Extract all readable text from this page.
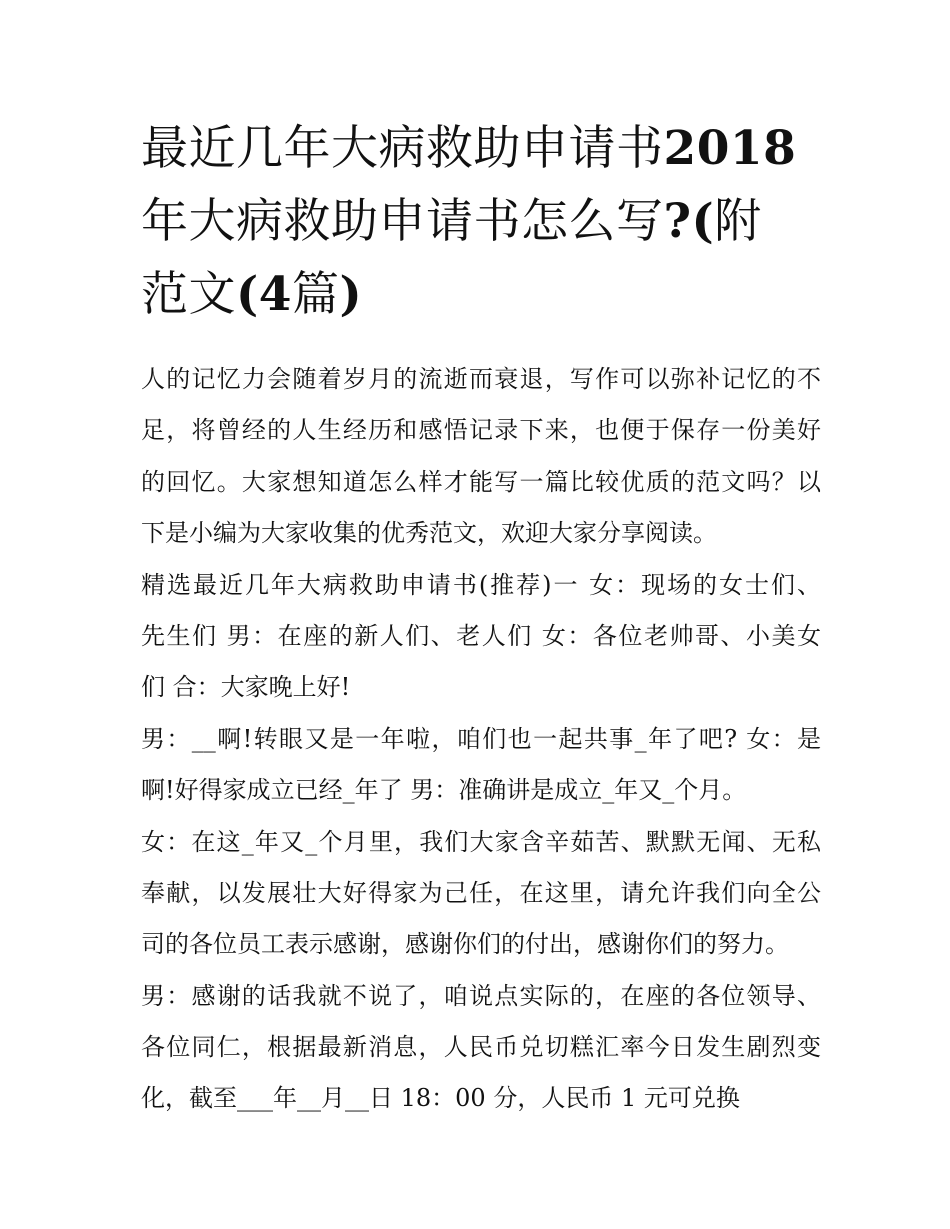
最近几年大病救助申请书2018
年大病救助申请书怎么写?(附
范文(4篇)
人的记忆力会随着岁月的流逝而衰退，写作可以弥补记忆的不
足，将曾经的人生经历和感悟记录下来，也便于保存一份美好
的回忆。大家想知道怎么样才能写一篇比较优质的范文吗？以
下是小编为大家收集的优秀范文，欢迎大家分享阅读。
精选最近几年大病救助申请书(推荐)一 女：现场的女士们、
先生们 男：在座的新人们、老人们 女：各位老帅哥、小美女
们 合：大家晚上好!
男：__啊!转眼又是一年啦，咱们也一起共事_年了吧? 女：是
啊!好得家成立已经_年了 男：准确讲是成立_年又_个月。
女：在这_年又_个月里，我们大家含辛茹苦、默默无闻、无私
奉献，以发展壮大好得家为己任，在这里，请允许我们向全公
司的各位员工表示感谢，感谢你们的付出，感谢你们的努力。
男：感谢的话我就不说了，咱说点实际的，在座的各位领导、
各位同仁，根据最新消息，人民币兑切糕汇率今日发生剧烈变
化，截至___年__月__日 18：00 分，人民币 1 元可兑换
